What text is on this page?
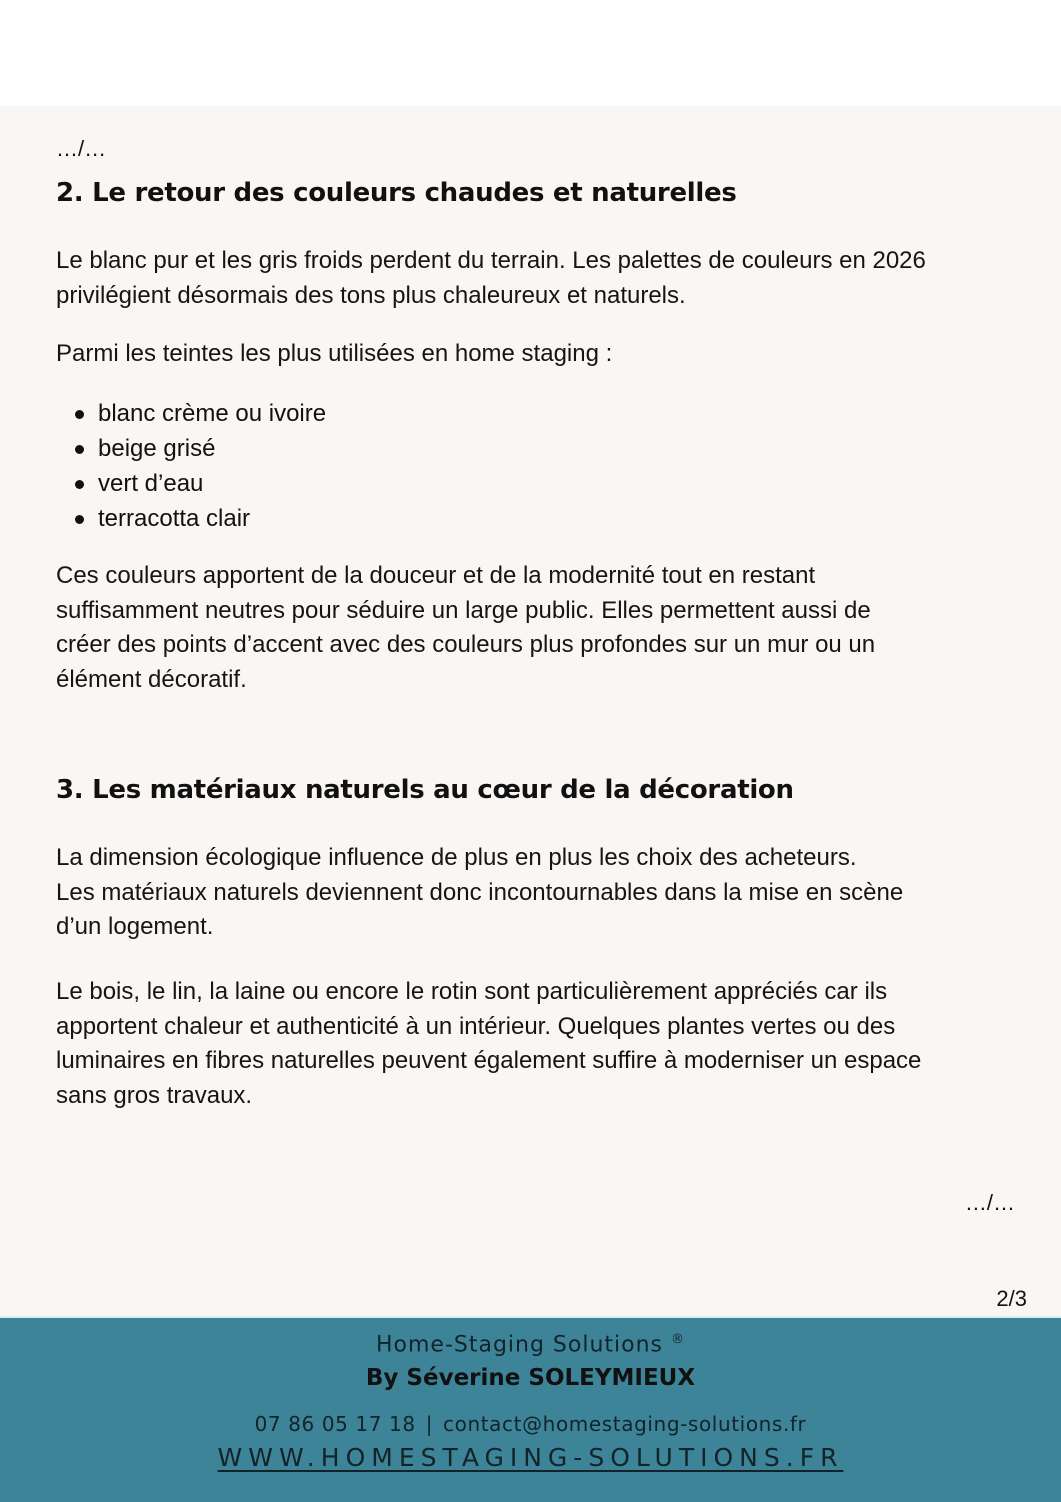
…/…
2. Le retour des couleurs chaudes et naturelles
Le blanc pur et les gris froids perdent du terrain. Les palettes de couleurs en 2026
privilégient désormais des tons plus chaleureux et naturels.
Parmi les teintes les plus utilisées en home staging :
blanc crème ou ivoire
beige grisé
vert d’eau
terracotta clair
Ces couleurs apportent de la douceur et de la modernité tout en restant
suffisamment neutres pour séduire un large public. Elles permettent aussi de
créer des points d’accent avec des couleurs plus profondes sur un mur ou un
élément décoratif.
3. Les matériaux naturels au cœur de la décoration
La dimension écologique influence de plus en plus les choix des acheteurs.
Les matériaux naturels deviennent donc incontournables dans la mise en scène
d’un logement.
Le bois, le lin, la laine ou encore le rotin sont particulièrement appréciés car ils
apportent chaleur et authenticité à un intérieur. Quelques plantes vertes ou des
luminaires en fibres naturelles peuvent également suffire à moderniser un espace
sans gros travaux.
…/…
2/3
Home-Staging Solutions ®
By Séverine SOLEYMIEUX
07 86 05 17 18 | contact@homestaging-solutions.fr
WWW.HOMESTAGING-SOLUTIONS.FR
